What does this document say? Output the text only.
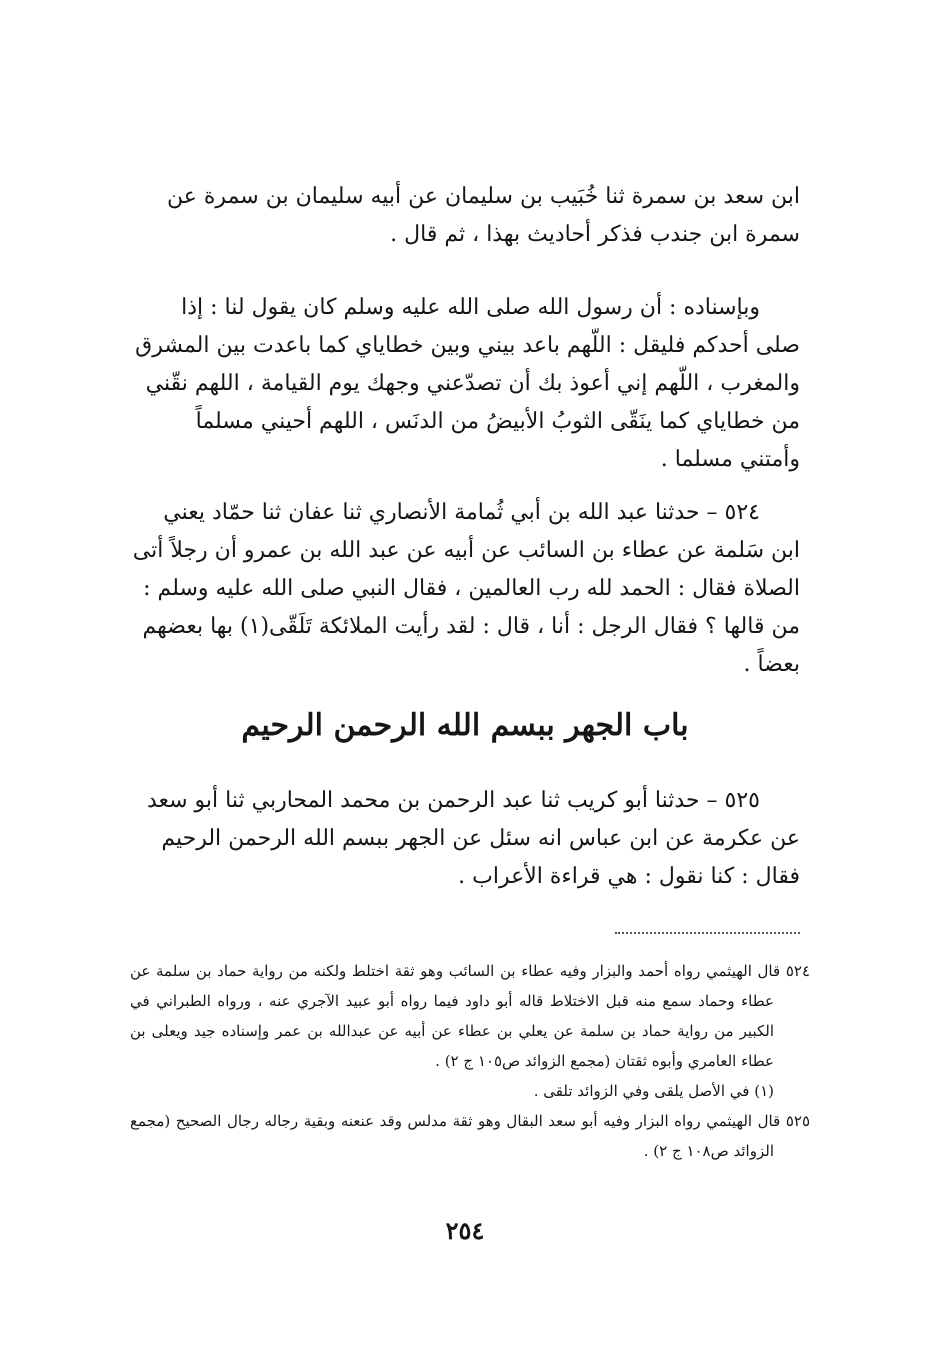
ابن سعد بن سمرة ثنا خُبَيب بن سليمان عن أبيه سليمان بن سمرة عن سمرة ابن جندب فذكر أحاديث بهذا ، ثم قال .

وبإسناده : أن رسول الله صلى الله عليه وسلم كان يقول لنا : إذا صلى أحدكم فليقل : اللّهم باعد بيني وبين خطاياي كما باعدت بين المشرق والمغرب ، اللّهم إني أعوذ بك أن تصدّعني وجهك يوم القيامة ، اللهم نقّني من خطاياي كما ينَقّى الثوبُ الأبيضُ من الدنَس ، اللهم أحيني مسلماً وأمتني مسلما .

٥٢٤ – حدثنا عبد الله بن أبي ثُمامة الأنصاري ثنا عفان ثنا حمّاد يعني ابن سَلمة عن عطاء بن السائب عن أبيه عن عبد الله بن عمرو أن رجلاً أتى الصلاة فقال : الحمد لله رب العالمين ، فقال النبي صلى الله عليه وسلم : من قالها ؟ فقال الرجل : أنا ، قال : لقد رأيت الملائكة تَلَقّى(١) بها بعضهم بعضاً .

باب الجهر ببسم الله الرحمن الرحيم

٥٢٥ – حدثنا أبو كريب ثنا عبد الرحمن بن محمد المحاربي ثنا أبو سعد عن عكرمة عن ابن عباس انه سئل عن الجهر ببسم الله الرحمن الرحيم فقال : كنا نقول : هي قراءة الأعراب .

٥٢٤ قال الهيثمي رواه أحمد والبزار وفيه عطاء بن السائب وهو ثقة اختلط ولكنه من رواية حماد بن سلمة عن عطاء وحماد سمع منه قبل الاختلاط قاله أبو داود فيما رواه أبو عبيد الآجري عنه ، ورواه الطبراني في الكبير من رواية حماد بن سلمة عن يعلي بن عطاء عن أبيه عن عبدالله بن عمر وإسناده جيد ويعلى بن عطاء العامري وأبوه ثقتان (مجمع الزوائد ص١٠٥ ج ٢) .

(١) في الأصل يلقى وفي الزوائد تلقى .

٥٢٥ قال الهيثمي رواه البزار وفيه أبو سعد البقال وهو ثقة مدلس وقد عنعنه وبقية رجاله رجال الصحيح (مجمع الزوائد ص١٠٨ ج ٢) .

٢٥٤
